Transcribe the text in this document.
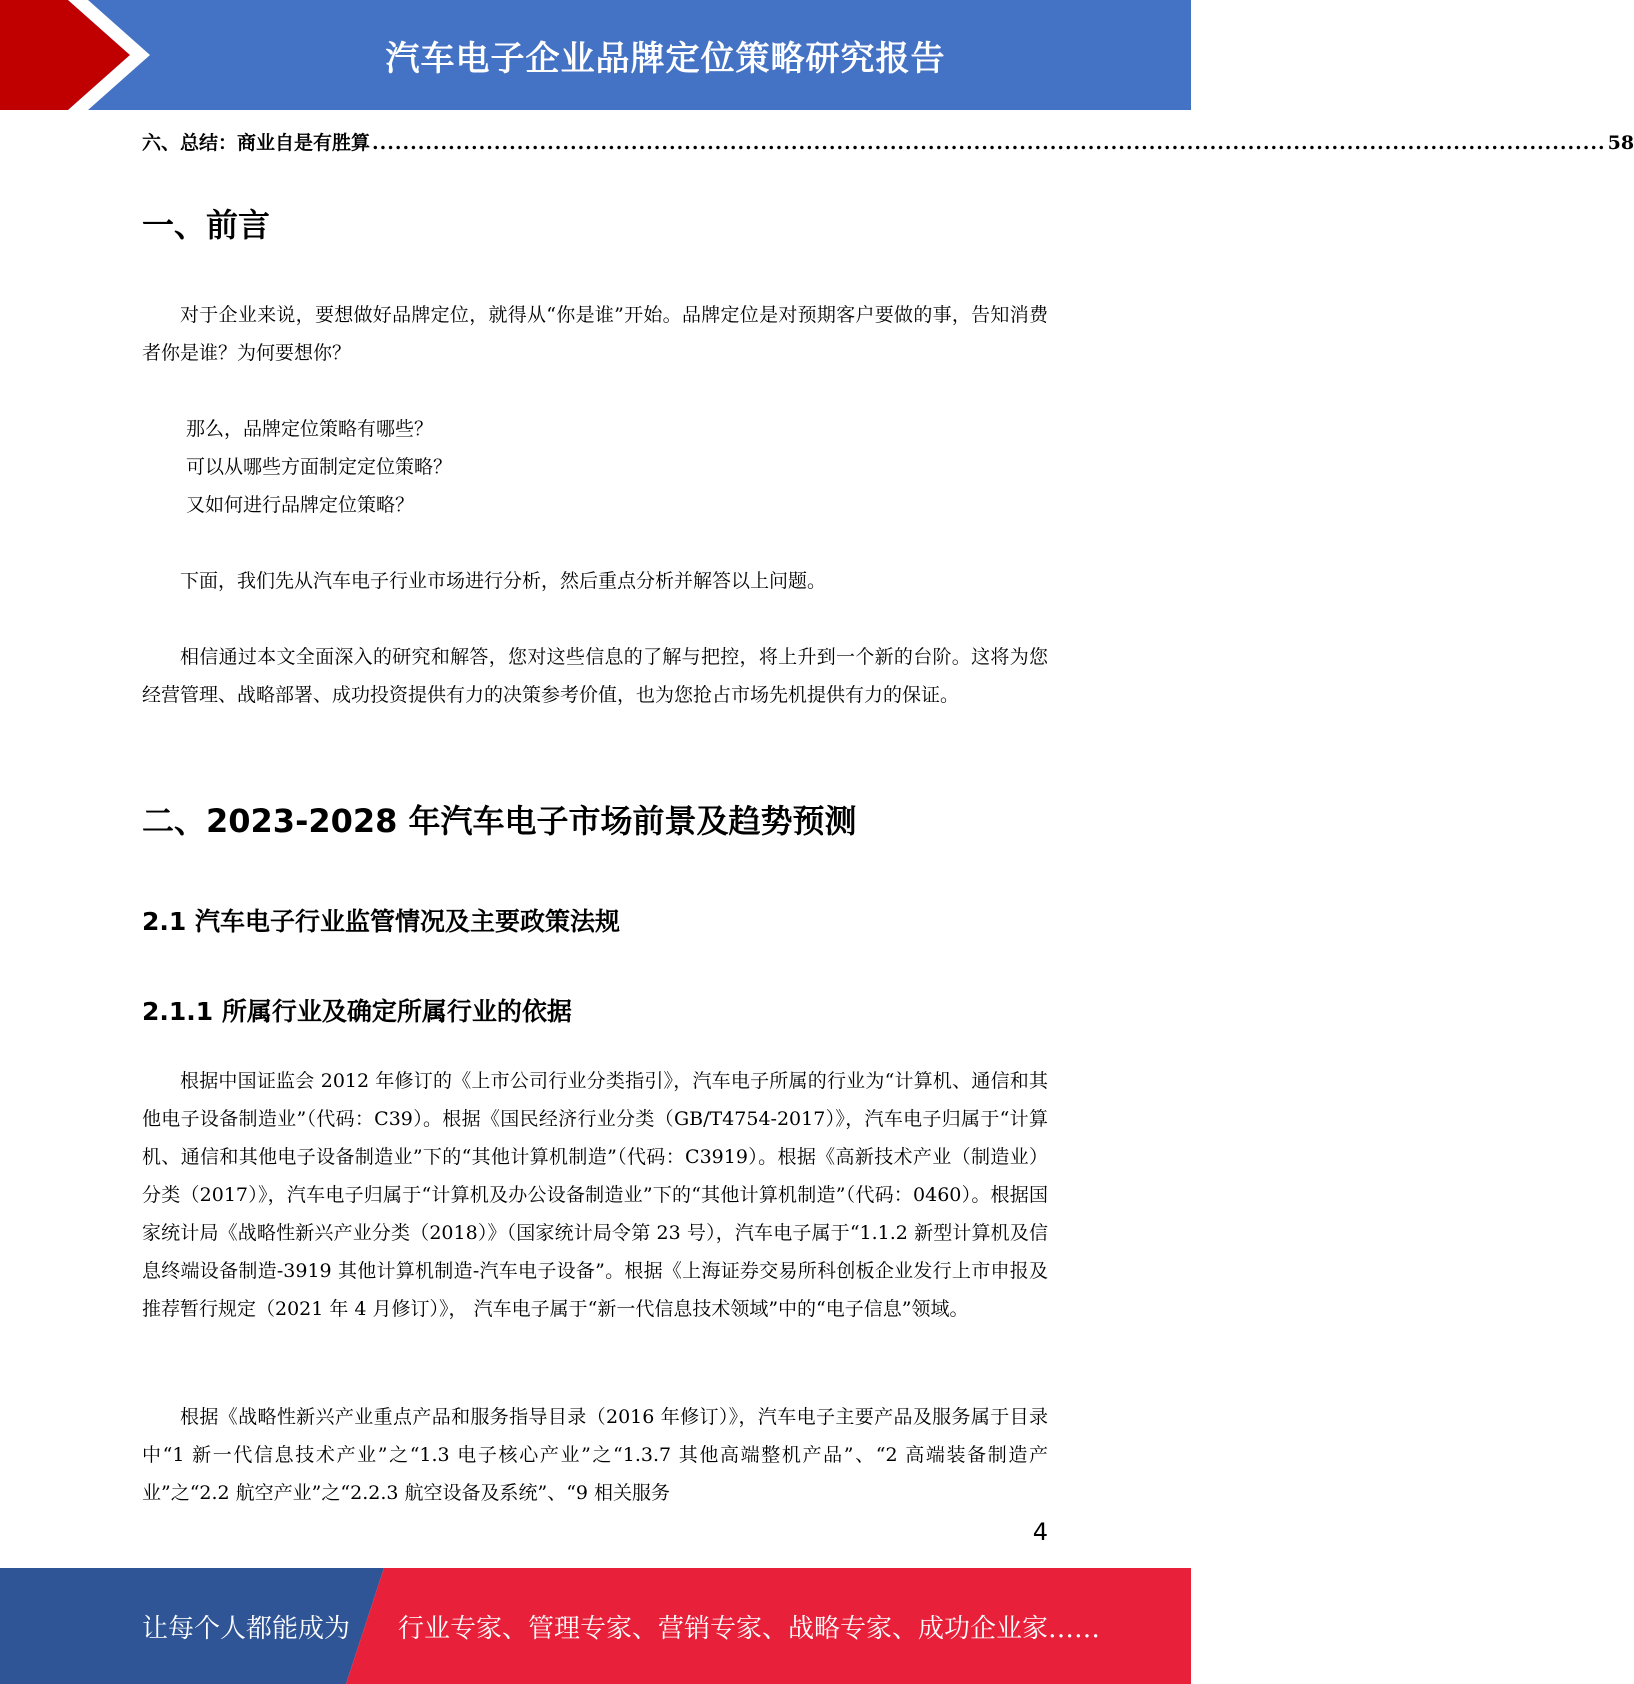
汽车电子企业品牌定位策略研究报告
六、总结：商业自是有胜算 .................................................................................................................................................................. 58
一、前言

对于企业来说，要想做好品牌定位，就得从“你是谁”开始。品牌定位是对预期客户要做的事，告知消费者你是谁？为何要想你？

那么，品牌定位策略有哪些？

可以从哪些方面制定定位策略？

又如何进行品牌定位策略？

下面，我们先从汽车电子行业市场进行分析，然后重点分析并解答以上问题。

相信通过本文全面深入的研究和解答，您对这些信息的了解与把控，将上升到一个新的台阶。这将为您经营管理、战略部署、成功投资提供有力的决策参考价值，也为您抢占市场先机提供有力的保证。

二、2023-2028 年汽车电子市场前景及趋势预测
2.1 汽车电子行业监管情况及主要政策法规
2.1.1 所属行业及确定所属行业的依据

根据中国证监会 2012 年修订的《上市公司行业分类指引》，汽车电子所属的行业为“计算机、通信和其他电子设备制造业”（代码：C39）。根据《国民经济行业分类（GB/T4754-2017）》，汽车电子归属于“计算机、通信和其他电子设备制造业”下的“其他计算机制造”（代码：C3919）。根据《高新技术产业（制造业）分类（2017）》，汽车电子归属于“计算机及办公设备制造业”下的“其他计算机制造”（代码：0460）。根据国家统计局《战略性新兴产业分类（2018）》（国家统计局令第 23 号），汽车电子属于“1.1.2 新型计算机及信息终端设备制造-3919 其他计算机制造-汽车电子设备”。根据《上海证券交易所科创板企业发行上市申报及推荐暂行规定（2021 年 4 月修订）》， 汽车电子属于“新一代信息技术领域”中的“电子信息”领域。

根据《战略性新兴产业重点产品和服务指导目录（2016 年修订）》，汽车电子主要产品及服务属于目录中“1 新一代信息技术产业”之“1.3 电子核心产业”之“1.3.7 其他高端整机产品”、“2 高端装备制造产业”之“2.2 航空产业”之“2.2.3 航空设备及系统”、“9 相关服务

4
让每个人都能成为 行业专家、管理专家、营销专家、战略专家、成功企业家……
